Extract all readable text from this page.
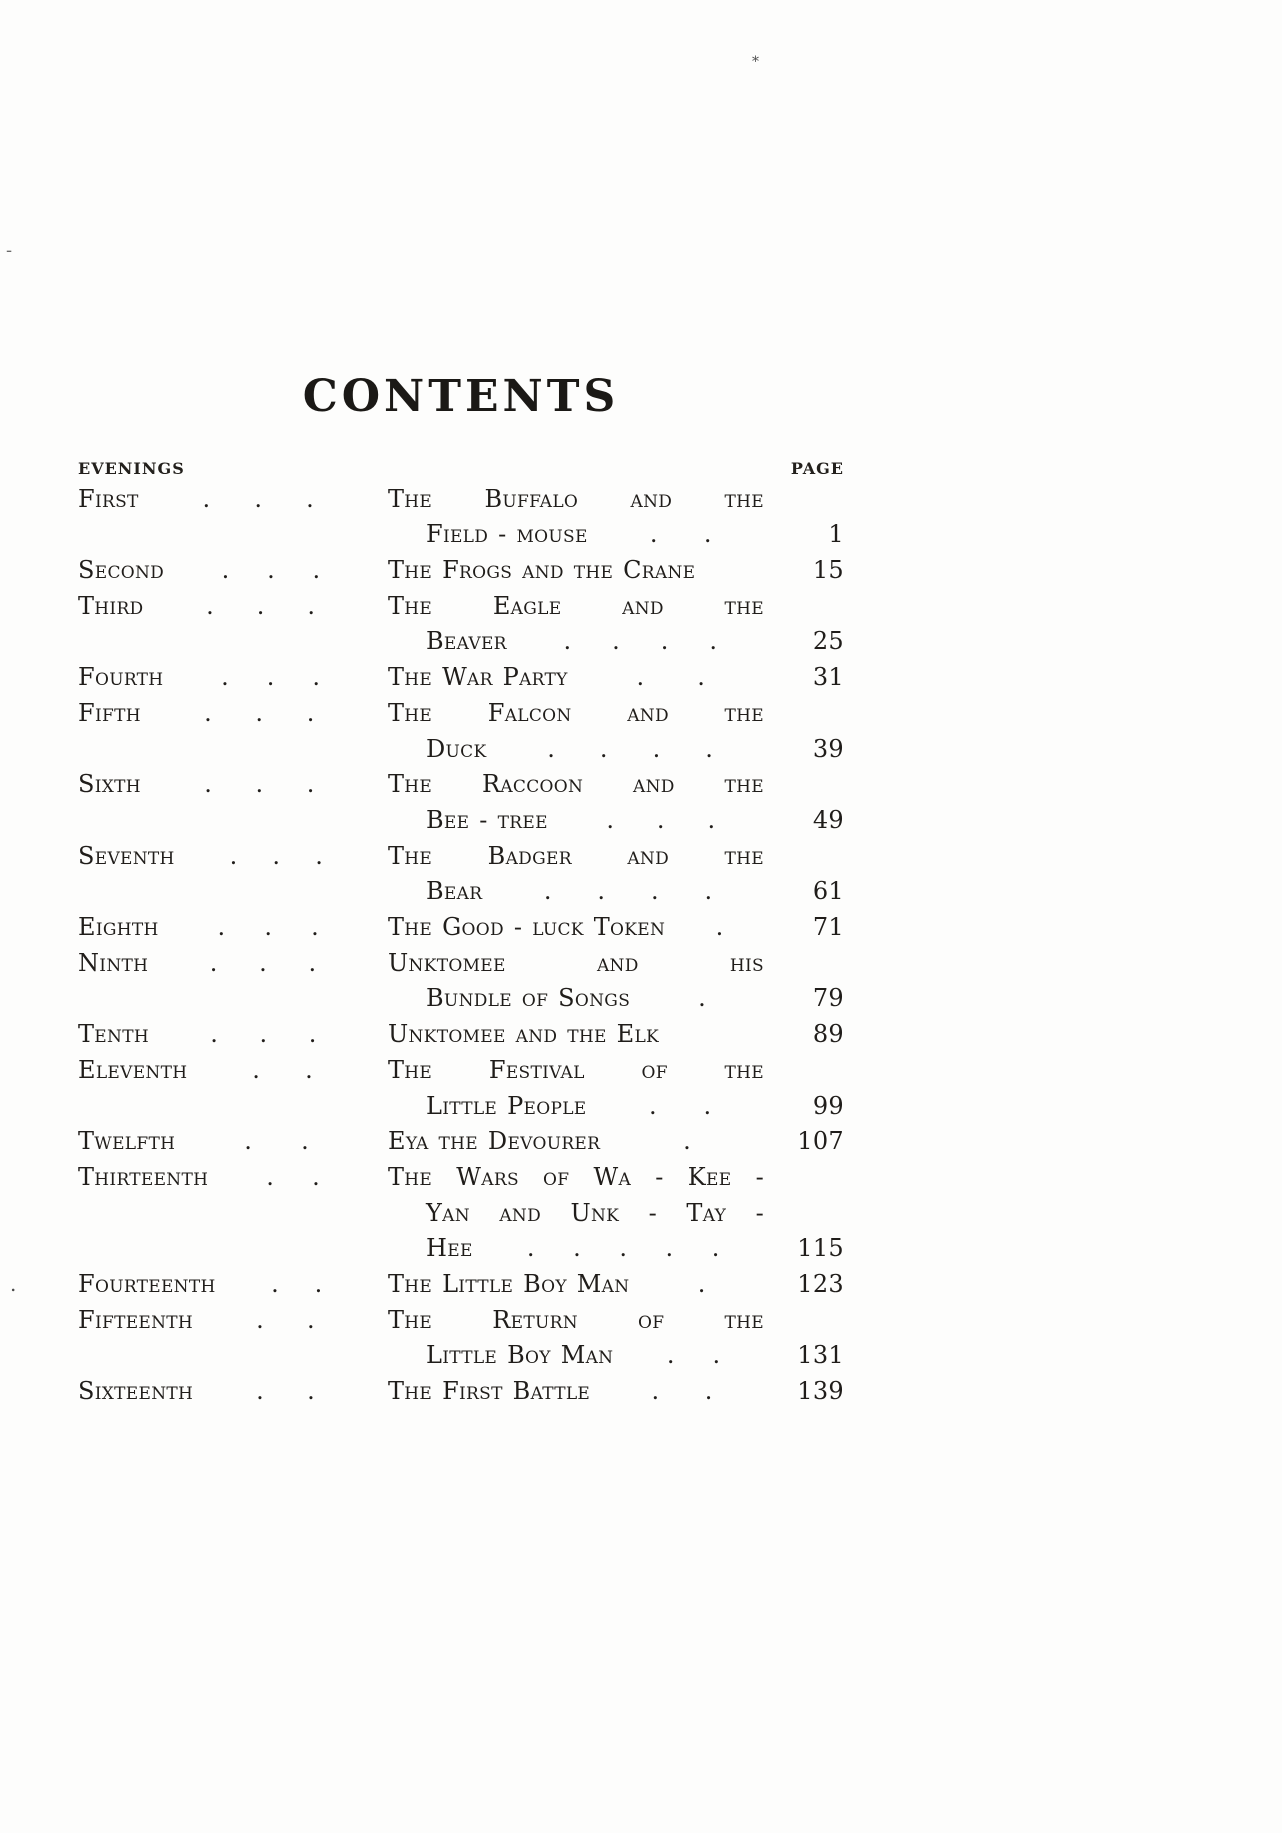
*
-
.
CONTENTS
EVENINGS	PAGE
First	. . .	The Buffalo and the
Field - mouse	. .	1
Second . . .	The Frogs and the Crane	15
Third	. . .	The Eagle and the
Beaver . . . .	25
Fourth . . .	The War Party	. .	31
Fifth	. . .	The Falcon and the
Duck	. . . .	39
Sixth	. . .	The Raccoon and the
Bee - tree . . .	49
Seventh . . .	The Badger and the
Bear	. . . .	61
Eighth . . .	The Good - luck Token .	71
Ninth	. . .	Unktomee and his
Bundle of Songs	.	79
Tenth	. . .	Unktomee and the Elk	89
Eleventh	. .	The Festival of the
Little People	. .	99
Twelfth	. .	Eya the Devourer	.	107
Thirteenth . .	The Wars of Wa - Kee -
Yan and Unk - Tay -
Hee . . . . .	115
Fourteenth . .	The Little Boy Man	.	123
Fifteenth	. .	The Return of the
Little Boy Man . .	131
Sixteenth	. .	The First Battle	. .	139
